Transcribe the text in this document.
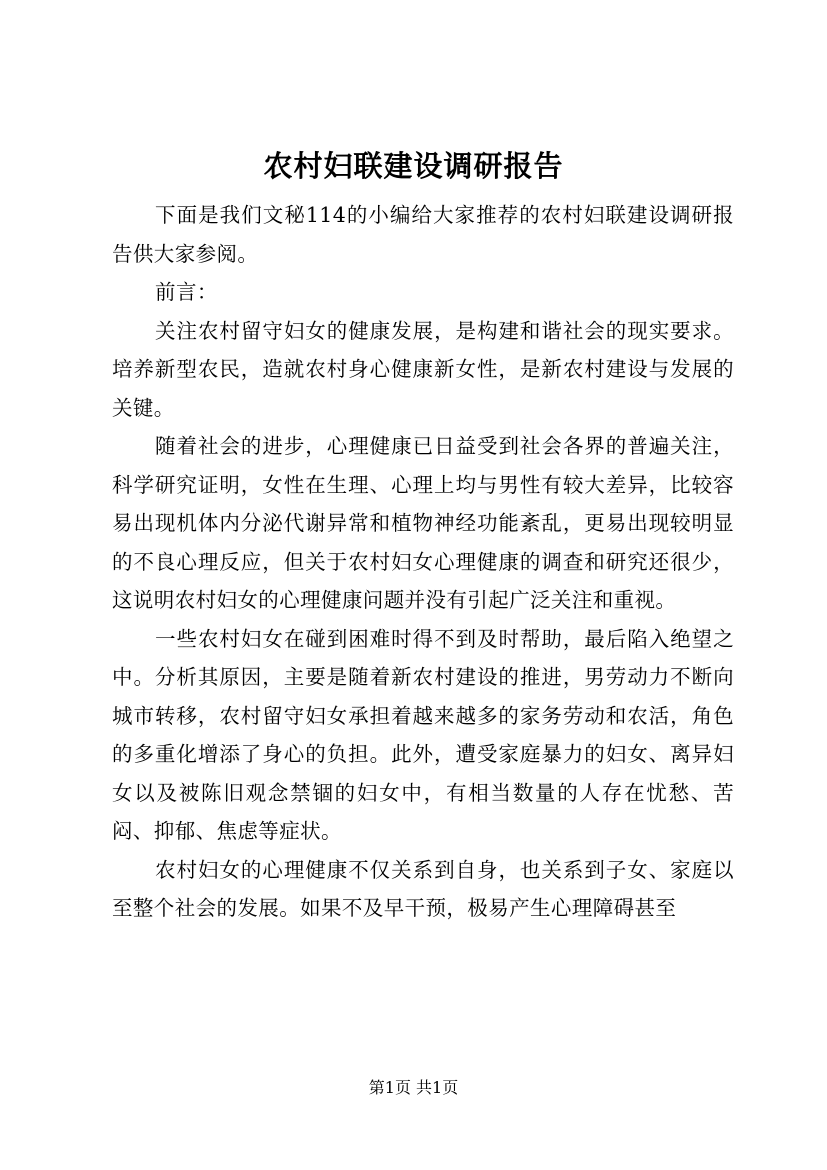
农村妇联建设调研报告

下面是我们文秘114的小编给大家推荐的农村妇联建设调研报告供大家参阅。

前言：

关注农村留守妇女的健康发展，是构建和谐社会的现实要求。培养新型农民，造就农村身心健康新女性，是新农村建设与发展的关键。

随着社会的进步，心理健康已日益受到社会各界的普遍关注，科学研究证明，女性在生理、心理上均与男性有较大差异，比较容易出现机体内分泌代谢异常和植物神经功能紊乱，更易出现较明显的不良心理反应，但关于农村妇女心理健康的调查和研究还很少，这说明农村妇女的心理健康问题并没有引起广泛关注和重视。

一些农村妇女在碰到困难时得不到及时帮助，最后陷入绝望之中。分析其原因，主要是随着新农村建设的推进，男劳动力不断向城市转移，农村留守妇女承担着越来越多的家务劳动和农活，角色的多重化增添了身心的负担。此外，遭受家庭暴力的妇女、离异妇女以及被陈旧观念禁锢的妇女中，有相当数量的人存在忧愁、苦闷、抑郁、焦虑等症状。

农村妇女的心理健康不仅关系到自身，也关系到子女、家庭以至整个社会的发展。如果不及早干预，极易产生心理障碍甚至

第1页 共1页
